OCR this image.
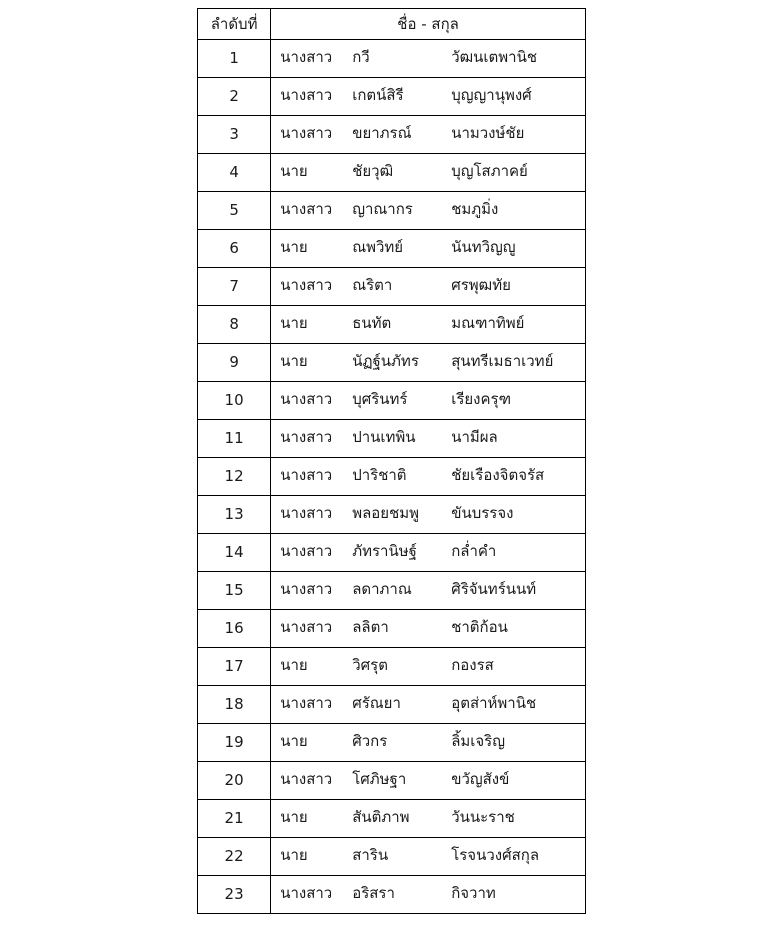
ลำดับที่	ชื่อ - สกุล
1	นางสาว กวี วัฒนเตพานิช

2	นางสาว เกตน์สิรี บุญญานุพงศ์

3	นางสาว ขยาภรณ์ นามวงษ์ชัย

4	นาย ชัยวุฒิ บุญโสภาคย์

5	นางสาว ญาณากร ชมภูมิ่ง

6	นาย ณพวิทย์ นันทวิญญู

7	นางสาว ณริตา ศรพุฒทัย

8	นาย ธนทัต มณฑาทิพย์

9	นาย นัฏฐ์นภัทร สุนทรีเมธาเวทย์

10	นางสาว บุศรินทร์ เรียงครุฑ

11	นางสาว ปานเทพิน นามีผล

12	นางสาว ปาริชาติ ชัยเรืองจิตจรัส

13	นางสาว พลอยชมพู ขันบรรจง

14	นางสาว ภัทรานิษฐ์ กล่ำคำ

15	นางสาว ลดาภาณ ศิริจันทร์นนท์

16	นางสาว ลลิตา ชาติก้อน

17	นาย วิศรุต กองรส

18	นางสาว ศรัณยา อุตส่าห์พานิช

19	นาย ศิวกร ลิ้มเจริญ

20	นางสาว โศภิษฐา ขวัญสังข์

21	นาย สันติภาพ วันนะราช

22	นาย สาริน โรจนวงศ์สกุล

23	นางสาว อริสรา กิจวาท
